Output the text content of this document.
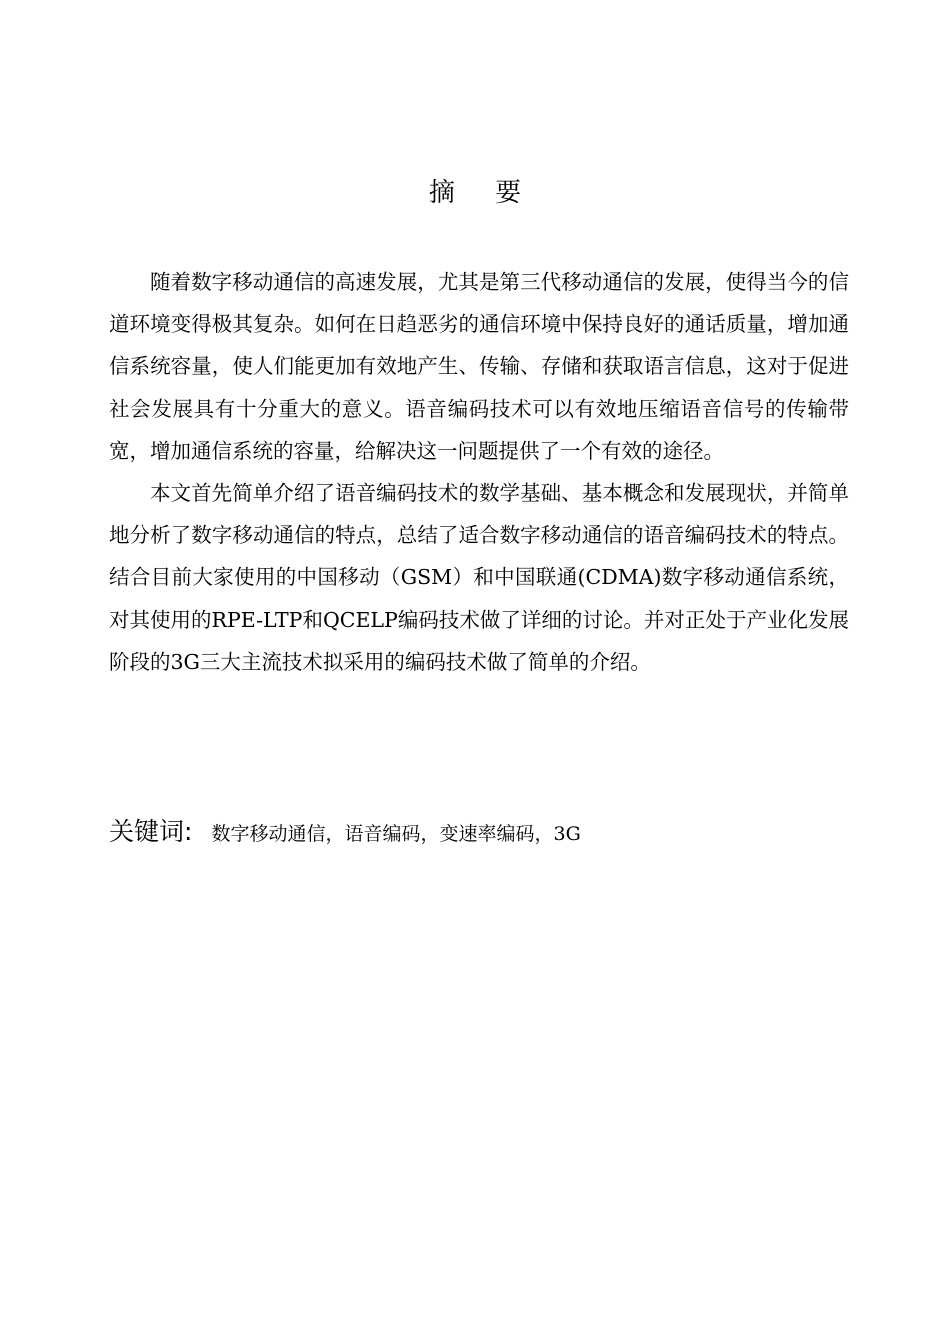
摘 要

随着数字移动通信的高速发展，尤其是第三代移动通信的发展，使得当今的信道环境变得极其复杂。如何在日趋恶劣的通信环境中保持良好的通话质量，增加通信系统容量，使人们能更加有效地产生、传输、存储和获取语言信息，这对于促进社会发展具有十分重大的意义。语音编码技术可以有效地压缩语音信号的传输带宽，增加通信系统的容量，给解决这一问题提供了一个有效的途径。

本文首先简单介绍了语音编码技术的数学基础、基本概念和发展现状，并简单地分析了数字移动通信的特点，总结了适合数字移动通信的语音编码技术的特点。结合目前大家使用的中国移动（GSM）和中国联通(CDMA)数字移动通信系统，对其使用的RPE-LTP和QCELP编码技术做了详细的讨论。并对正处于产业化发展阶段的3G三大主流技术拟采用的编码技术做了简单的介绍。

关键词: 数字移动通信，语音编码，变速率编码，3G
